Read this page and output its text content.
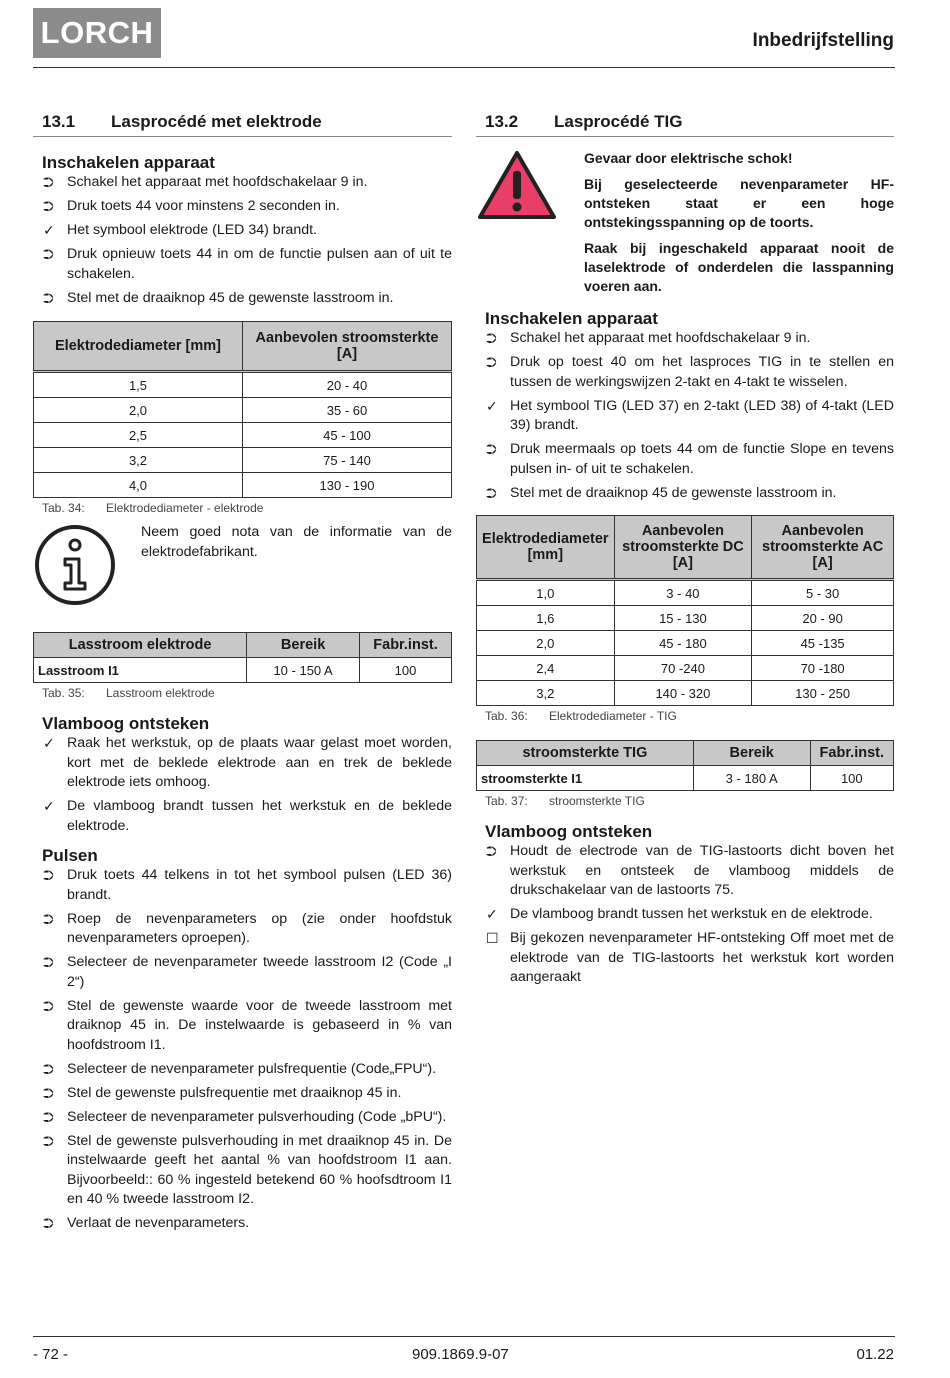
LORCH	Inbedrijfstelling
13.1	Lasprocédé met elektrode
Inschakelen apparaat
⮊ Schakel het apparaat met hoofdschakelaar 9 in.
⮊ Druk toets 44 voor minstens 2 seconden in.
✓ Het symbool elektrode (LED 34) brandt.
⮊ Druk opnieuw toets 44 in om de functie pulsen aan of uit te schakelen.
⮊ Stel met de draaiknop 45 de gewenste lasstroom in.
Elektrodediameter [mm]	Aanbevolen stroomsterkte [A]
1,5	20 - 40
2,0	35 - 60
2,5	45 - 100
3,2	75 - 140
4,0	130 - 190
Tab. 34:	Elektrodediameter - elektrode
Neem goed nota van de informatie van de elektrodefabrikant.
Lasstroom elektrode	Bereik	Fabr.inst.
Lasstroom I1	10 - 150 A	100
Tab. 35:	Lasstroom elektrode
Vlamboog ontsteken
✓ Raak het werkstuk, op de plaats waar gelast moet worden, kort met de beklede elektrode aan en trek de beklede elektrode iets omhoog.
✓ De vlamboog brandt tussen het werkstuk en de beklede elektrode.
Pulsen
⮊ Druk toets 44 telkens in tot het symbool pulsen (LED 36) brandt.
⮊ Roep de nevenparameters op (zie onder hoofdstuk nevenparameters oproepen).
⮊ Selecteer de nevenparameter tweede lasstroom I2 (Code „I 2“)
⮊ Stel de gewenste waarde voor de tweede lasstroom met draiknop 45 in. De instelwaarde is gebaseerd in % van hoofdstroom I1.
⮊ Selecteer de nevenparameter pulsfrequentie (Code„FPU“).
⮊ Stel de gewenste pulsfrequentie met draaiknop 45 in.
⮊ Selecteer de nevenparameter pulsverhouding (Code „bPU“).
⮊ Stel de gewenste pulsverhouding in met draaiknop 45 in. De instelwaarde geeft het aantal % van hoofdstroom I1 aan. Bijvoorbeeld:: 60 % ingesteld betekend 60 % hoofsdtroom I1 en 40 % tweede lasstroom I2.
⮊ Verlaat de nevenparameters.
13.2	Lasprocédé TIG

Gevaar door elektrische schok!

Bij geselecteerde nevenparameter HF-ontsteken staat er een hoge ontstekingsspanning op de toorts.

Raak bij ingeschakeld apparaat nooit de laselektrode of onderdelen die lasspanning voeren aan.

Inschakelen apparaat
⮊ Schakel het apparaat met hoofdschakelaar 9 in.
⮊ Druk op toest 40 om het lasproces TIG in te stellen en tussen de werkingswijzen 2-takt en 4-takt te wisselen.
✓ Het symbool TIG (LED 37) en 2-takt (LED 38) of 4-takt (LED 39) brandt.
⮊ Druk meermaals op toets 44 om de functie Slope en tevens pulsen in- of uit te schakelen.
⮊ Stel met de draaiknop 45 de gewenste lasstroom in.
Elektrodediameter [mm]	Aanbevolen stroomsterkte DC [A]	Aanbevolen stroomsterkte AC [A]
1,0	3 - 40	5 - 30
1,6	15 - 130	20 - 90
2,0	45 - 180	45 -135
2,4	70 -240	70 -180
3,2	140 - 320	130 - 250
Tab. 36:	Elektrodediameter - TIG
stroomsterkte TIG	Bereik	Fabr.inst.
stroomsterkte I1	3 - 180 A	100
Tab. 37:	stroomsterkte TIG
Vlamboog ontsteken
⮊ Houdt de electrode van de TIG-lastoorts dicht boven het werkstuk en ontsteek de vlamboog middels de drukschakelaar van de lastoorts 75.
✓ De vlamboog brandt tussen het werkstuk en de elektrode.
☐ Bij gekozen nevenparameter HF-ontsteking Off moet met de elektrode van de TIG-lastoorts het werkstuk kort worden aangeraakt
- 72 -	909.1869.9-07	01.22
